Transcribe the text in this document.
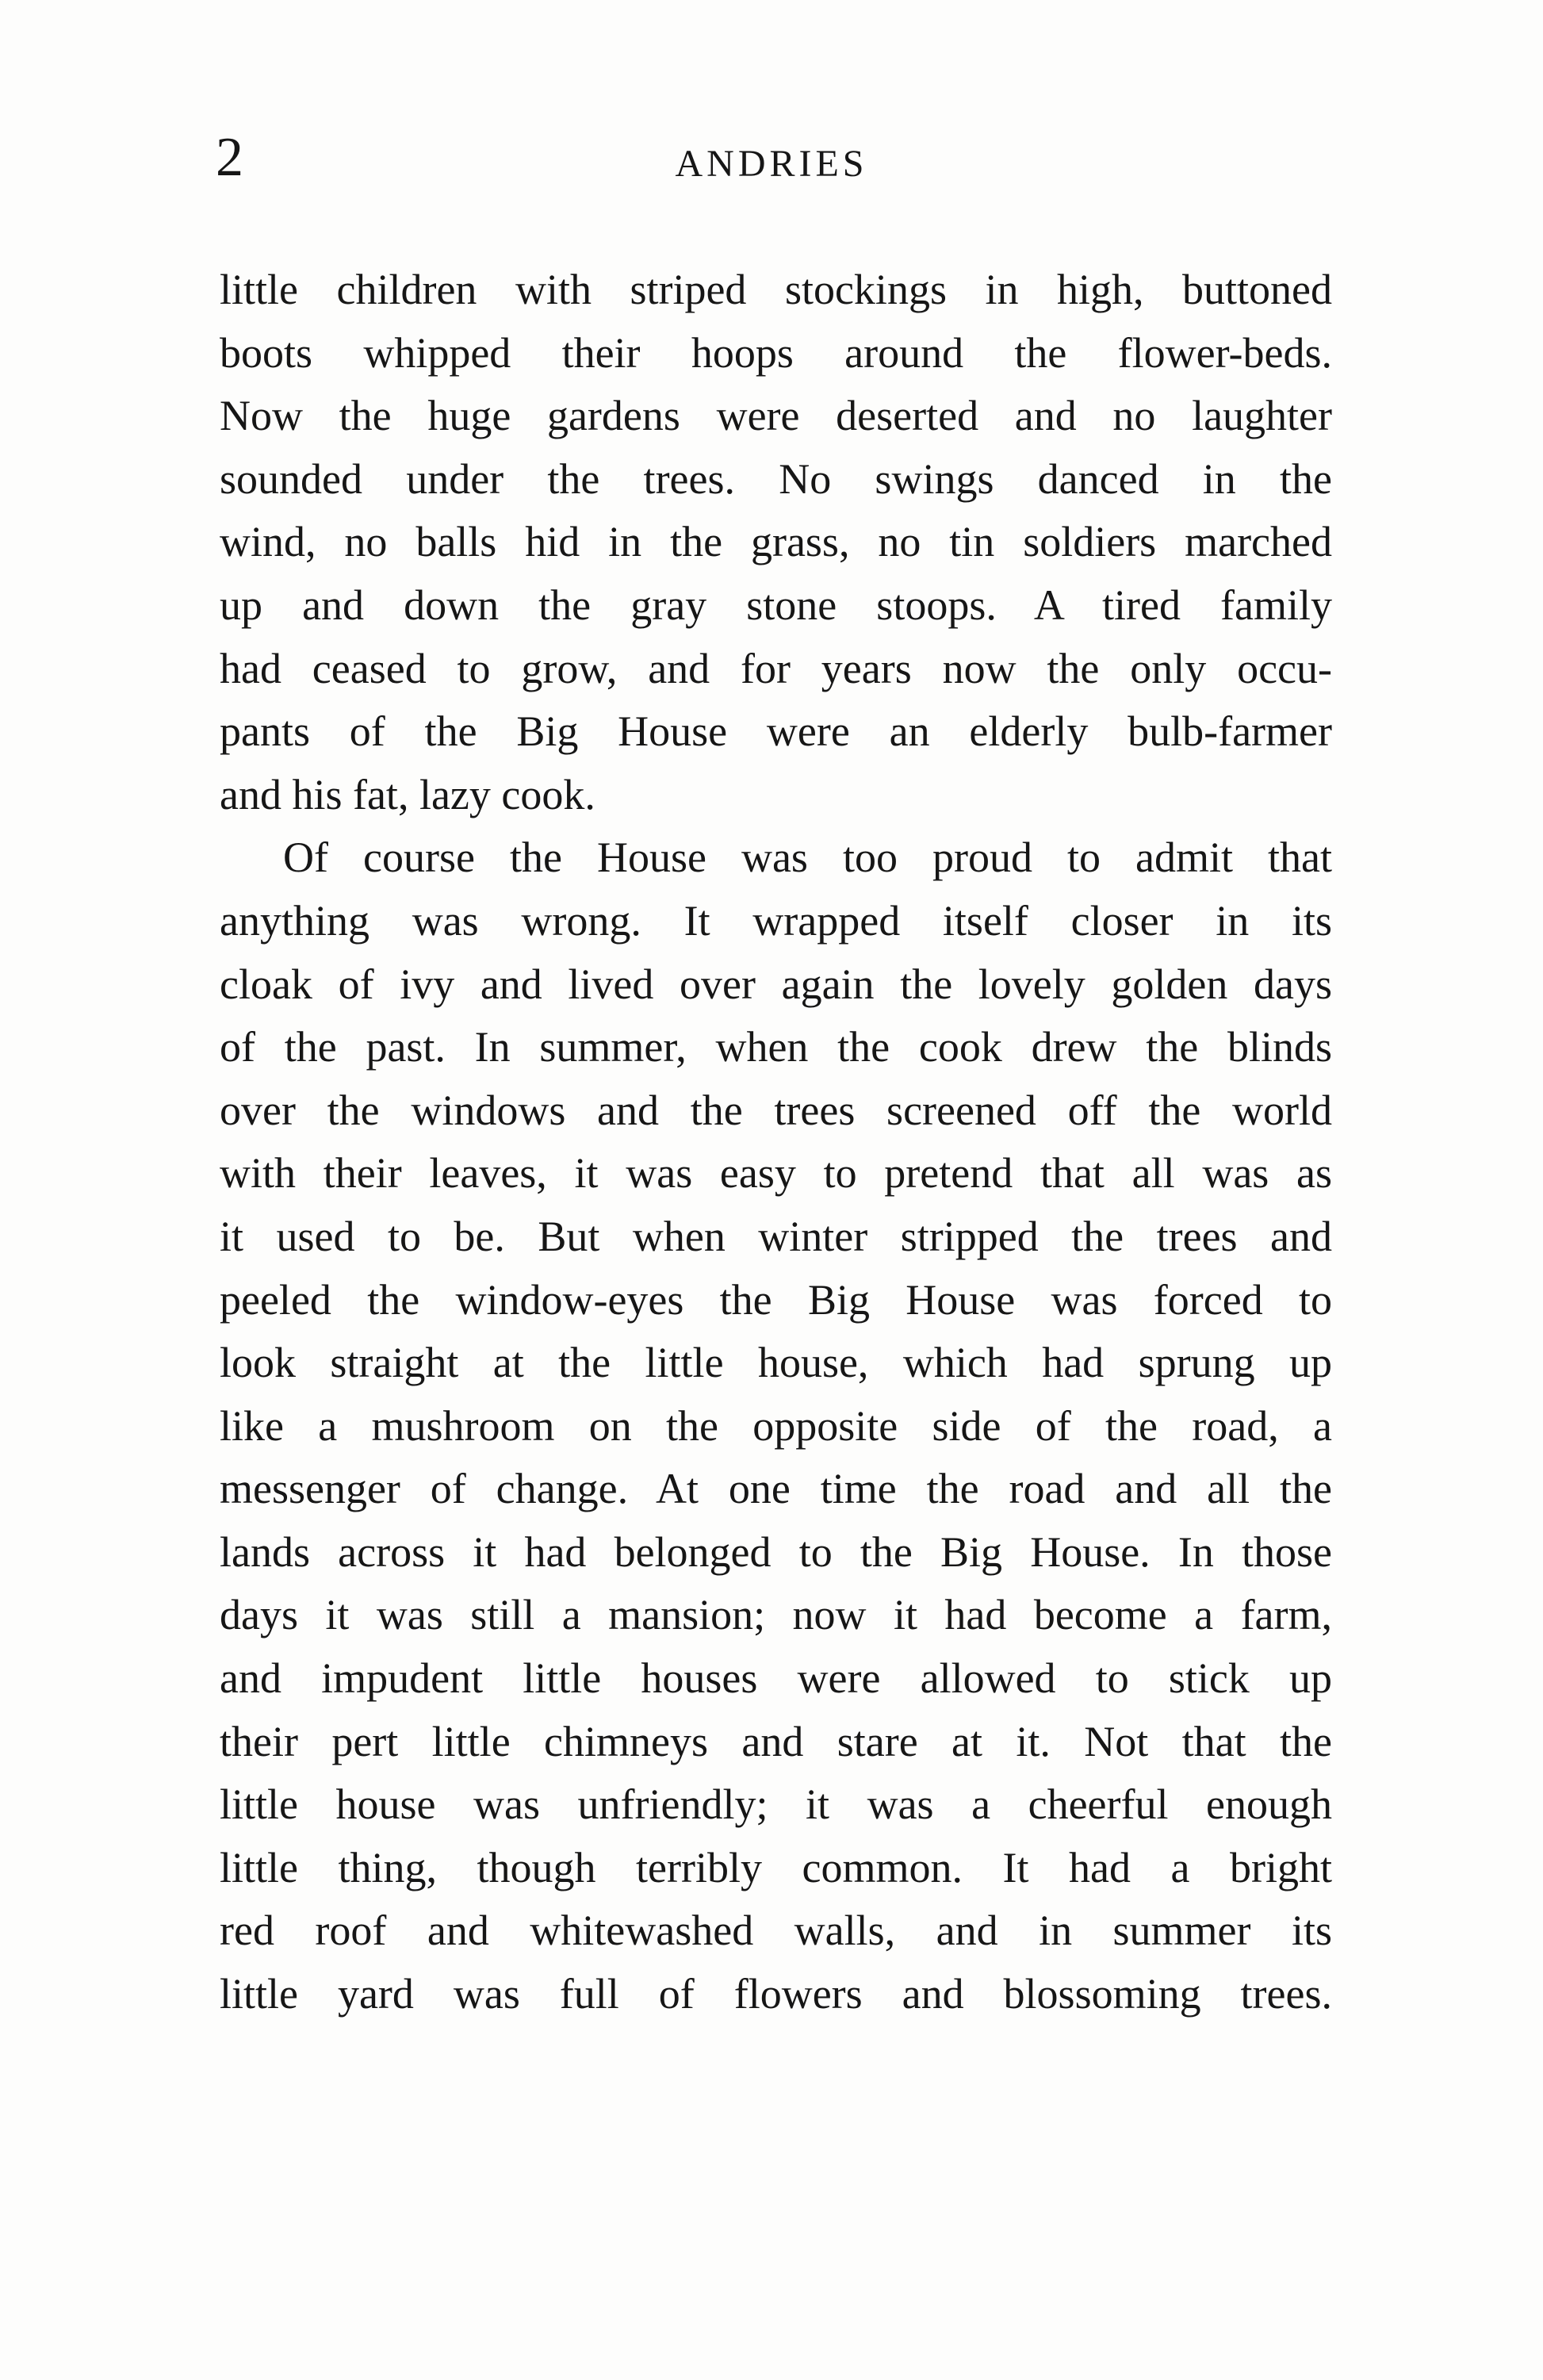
2	ANDRIES
little children with striped stockings in high, buttoned
boots whipped their hoops around the flower-beds.
Now the huge gardens were deserted and no laughter
sounded under the trees. No swings danced in the
wind, no balls hid in the grass, no tin soldiers marched
up and down the gray stone stoops. A tired family
had ceased to grow, and for years now the only occu-
pants of the Big House were an elderly bulb-farmer
and his fat, lazy cook.
Of course the House was too proud to admit that
anything was wrong. It wrapped itself closer in its
cloak of ivy and lived over again the lovely golden days
of the past. In summer, when the cook drew the blinds
over the windows and the trees screened off the world
with their leaves, it was easy to pretend that all was as
it used to be. But when winter stripped the trees and
peeled the window-eyes the Big House was forced to
look straight at the little house, which had sprung up
like a mushroom on the opposite side of the road, a
messenger of change. At one time the road and all the
lands across it had belonged to the Big House. In those
days it was still a mansion; now it had become a farm,
and impudent little houses were allowed to stick up
their pert little chimneys and stare at it. Not that the
little house was unfriendly; it was a cheerful enough
little thing, though terribly common. It had a bright
red roof and whitewashed walls, and in summer its
little yard was full of flowers and blossoming trees.
